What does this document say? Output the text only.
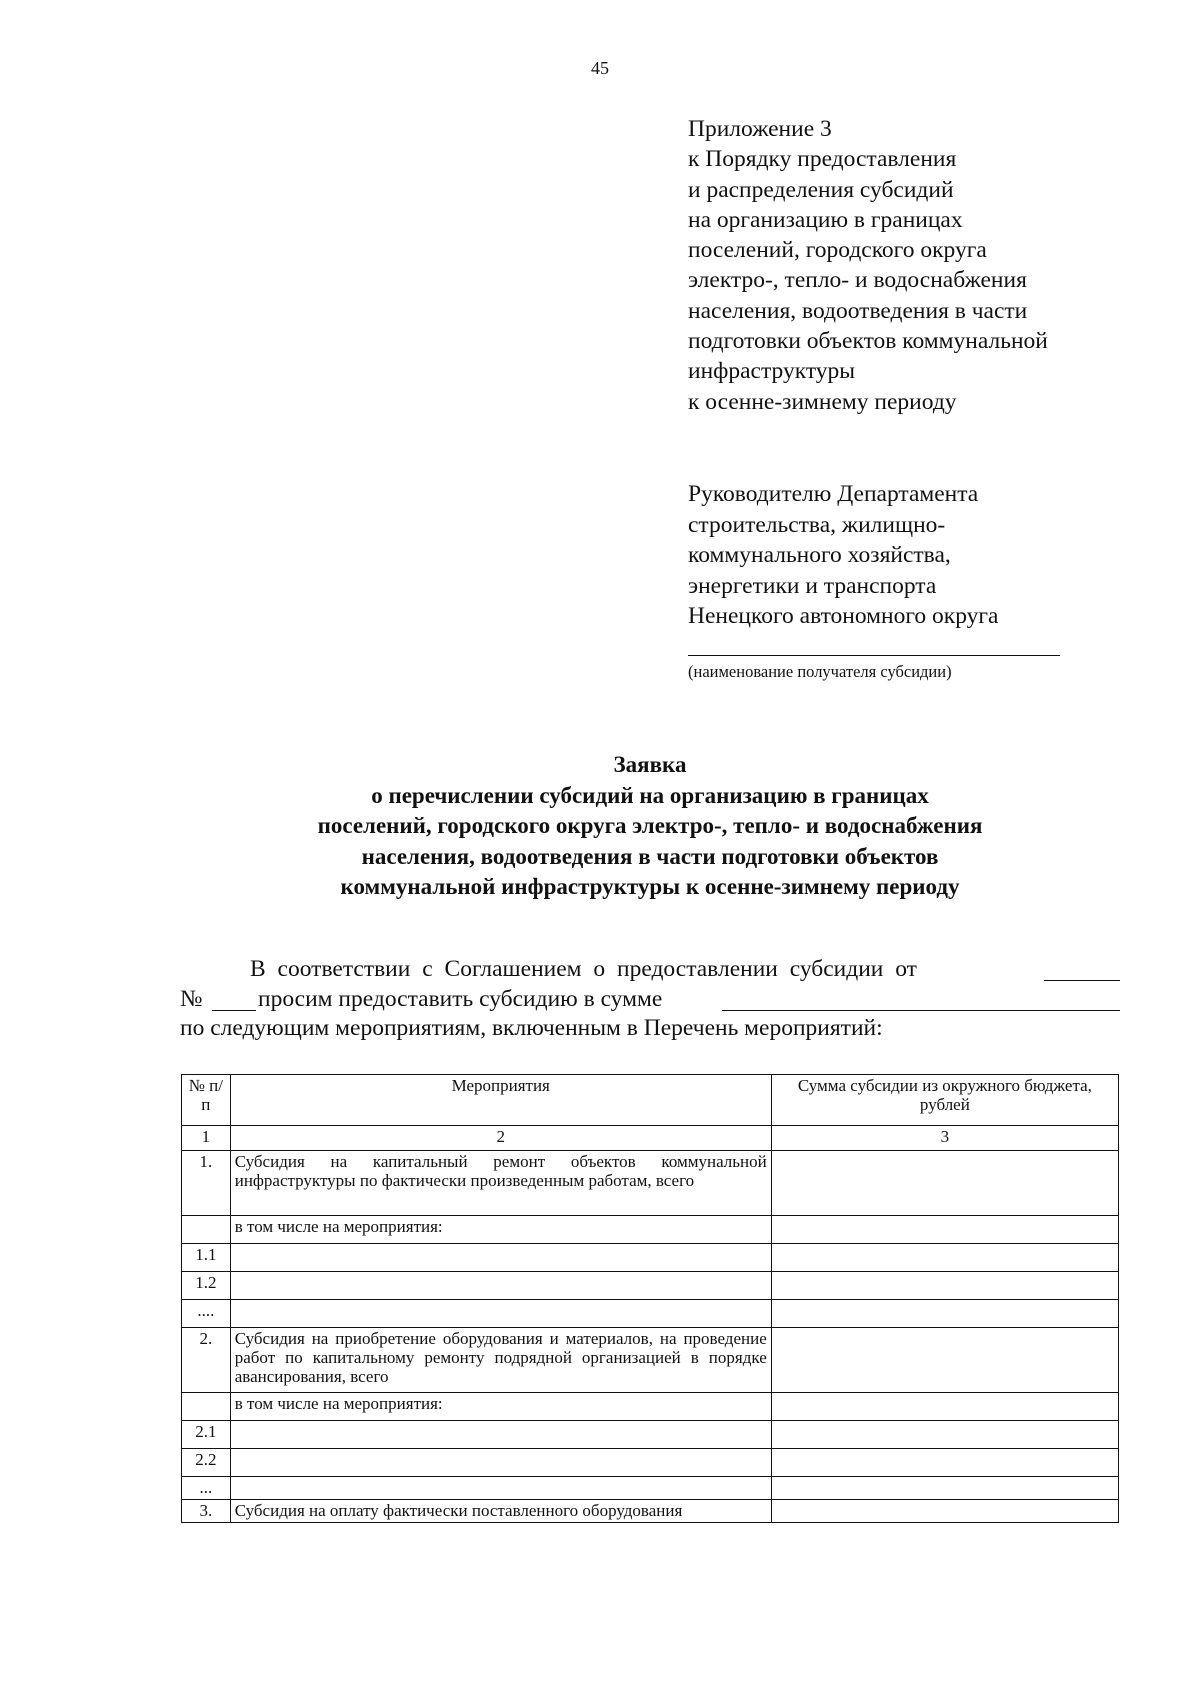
45
Приложение 3
к Порядку предоставления
и распределения субсидий
на организацию в границах
поселений, городского округа
электро-, тепло- и водоснабжения
населения, водоотведения в части
подготовки объектов коммунальной
инфраструктуры
к осенне-зимнему периоду
Руководителю Департамента
строительства, жилищно-
коммунального хозяйства,
энергетики и транспорта
Ненецкого автономного округа
(наименование получателя субсидии)
Заявка
о перечислении субсидий на организацию в границах
поселений, городского округа электро-, тепло- и водоснабжения
населения, водоотведения в части подготовки объектов
коммунальной инфраструктуры к осенне-зимнему периоду
В соответствии с Соглашением о предоставлении субсидии от
№ просим предоставить субсидию в сумме
по следующим мероприятиям, включенным в Перечень мероприятий:
№ п/п	Мероприятия	Сумма субсидии из окружного бюджета, рублей
1	2	3
1.	Субсидия на капитальный ремонт объектов коммунальной инфраструктуры по фактически произведенным работам, всего	
	в том числе на мероприятия:	
1.1		
1.2		
....		
2.	Субсидия на приобретение оборудования и материалов, на проведение работ по капитальному ремонту подрядной организацией в порядке авансирования, всего	
	в том числе на мероприятия:	
2.1		
2.2		
...		
3.	Субсидия на оплату фактически поставленного оборудования	
